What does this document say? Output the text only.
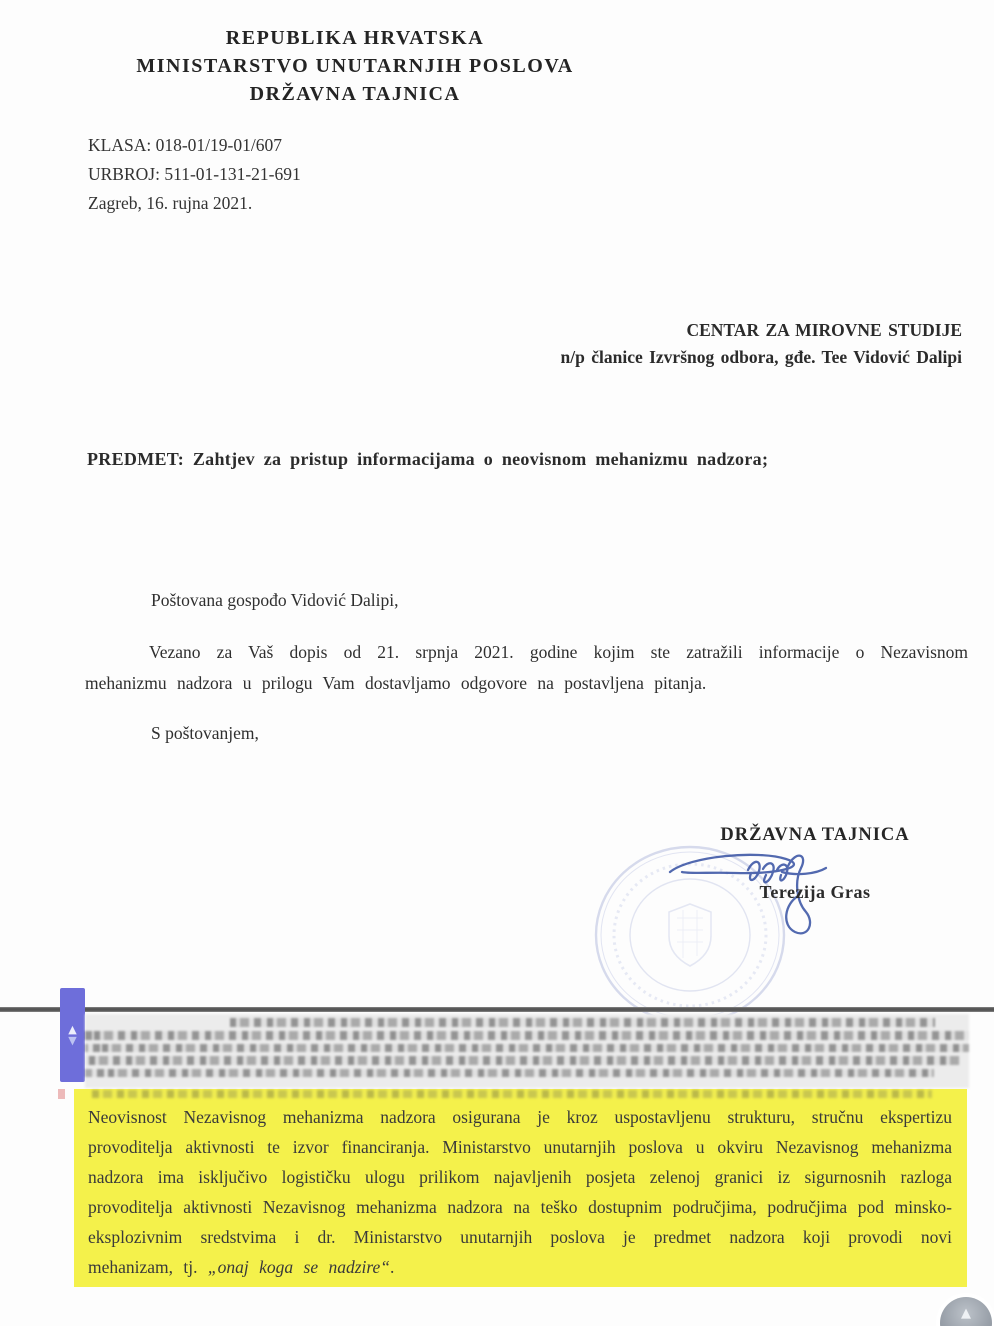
REPUBLIKA HRVATSKA
MINISTARSTVO UNUTARNJIH POSLOVA
DRŽAVNA TAJNICA
KLASA: 018-01/19-01/607
URBROJ: 511-01-131-21-691
Zagreb, 16. rujna 2021.
CENTAR ZA MIROVNE STUDIJE
n/p članice Izvršnog odbora, gđe. Tee Vidović Dalipi
PREDMET: Zahtjev za pristup informacijama o neovisnom mehanizmu nadzora;
Poštovana gospođo Vidović Dalipi,
Vezano za Vaš dopis od 21. srpnja 2021. godine kojim ste zatražili informacije o Nezavisnom mehanizmu nadzora u prilogu Vam dostavljamo odgovore na postavljena pitanja.
S poštovanjem,
DRŽAVNA TAJNICA
Terezija Gras
▲
▼

Neovisnost Nezavisnog mehanizma nadzora osigurana je kroz uspostavljenu strukturu, stručnu ekspertizu provoditelja aktivnosti te izvor financiranja. Ministarstvo unutarnjih poslova u okviru Nezavisnog mehanizma nadzora ima isključivo logističku ulogu prilikom najavljenih posjeta zelenoj granici iz sigurnosnih razloga provoditelja aktivnosti Nezavisnog mehanizma nadzora na teško dostupnim područjima, područjima pod minsko-eksplozivnim sredstvima i dr. Ministarstvo unutarnjih poslova je predmet nadzora koji provodi novi mehanizam, tj. „onaj koga se nadzire“.

▲
